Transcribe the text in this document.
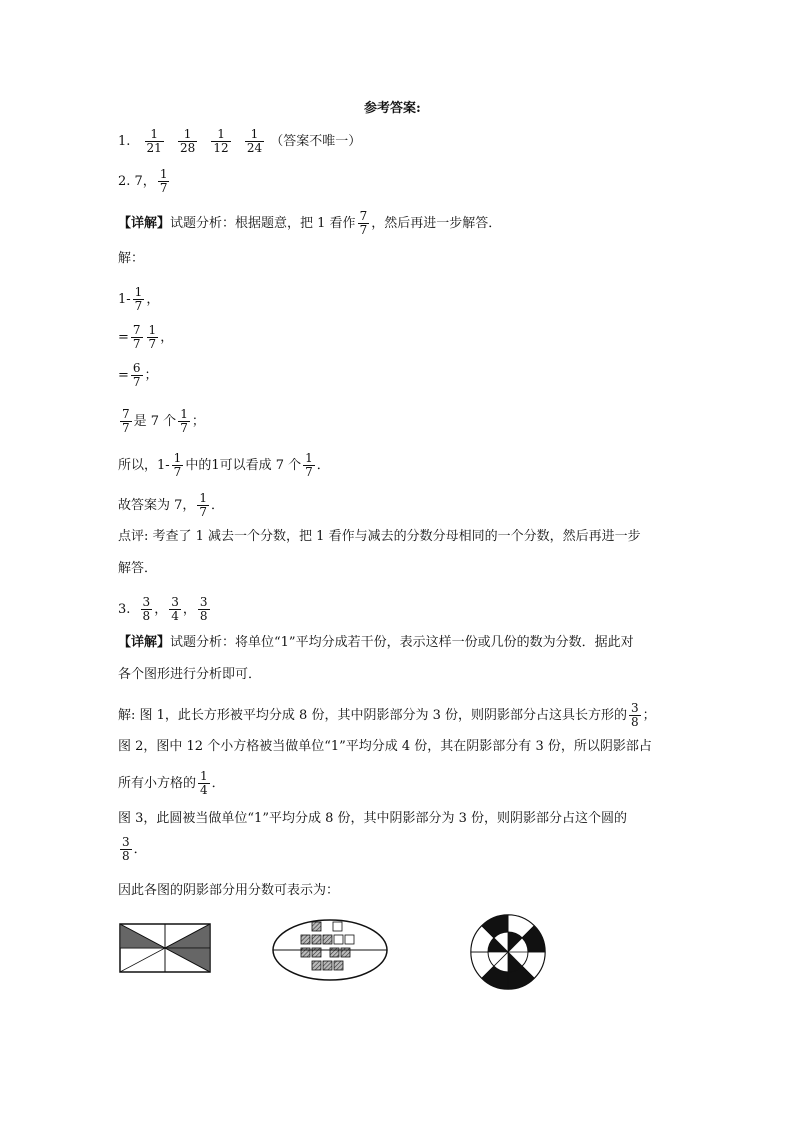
参考答案:
1. $\frac{1}{21}$
$\frac{1}{28}$
$\frac{1}{12}$
$\frac{1}{24}$ （答案不唯一）
2. 7， $\frac{1}{7}$
【详解】试题分析：根据题意，把 1 看作 $\frac{7}{7}$ ，然后再进一步解答．
解：
$1- \frac{1}{7}$ ，
= $\frac{7}{7} \frac{1}{7}$ ，
= $\frac{6}{7}$ ；
$\frac{7}{7}$ 是 7 个 $\frac{1}{7}$ ；
所以，$1- \frac{1}{7}$ 中的1可以看成 7 个 $\frac{1}{7}$ ．
故答案为 7， $\frac{1}{7}$ ．
点评: 考查了 1 减去一个分数，把 1 看作与减去的分数分母相同的一个分数，然后再进一步
解答．
3. $\frac{3}{8}$ ， $\frac{3}{4}$ ， $\frac{3}{8}$
【详解】试题分析：将单位“1”平均分成若干份，表示这样一份或几份的数为分数．据此对
各个图形进行分析即可．
解: 图 1，此长方形被平均分成 8 份，其中阴影部分为 3 份，则阴影部分占这具长方形的 $\frac{3}{8}$ ；
图 2，图中 12 个小方格被当做单位“1”平均分成 4 份，其在阴影部分有 3 份，所以阴影部占
所有小方格的 $\frac{1}{4}$ ．
图 3，此圆被当做单位“1”平均分成 8 份，其中阴影部分为 3 份，则阴影部分占这个圆的
$\frac{3}{8}$ ．
因此各图的阴影部分用分数可表示为：
